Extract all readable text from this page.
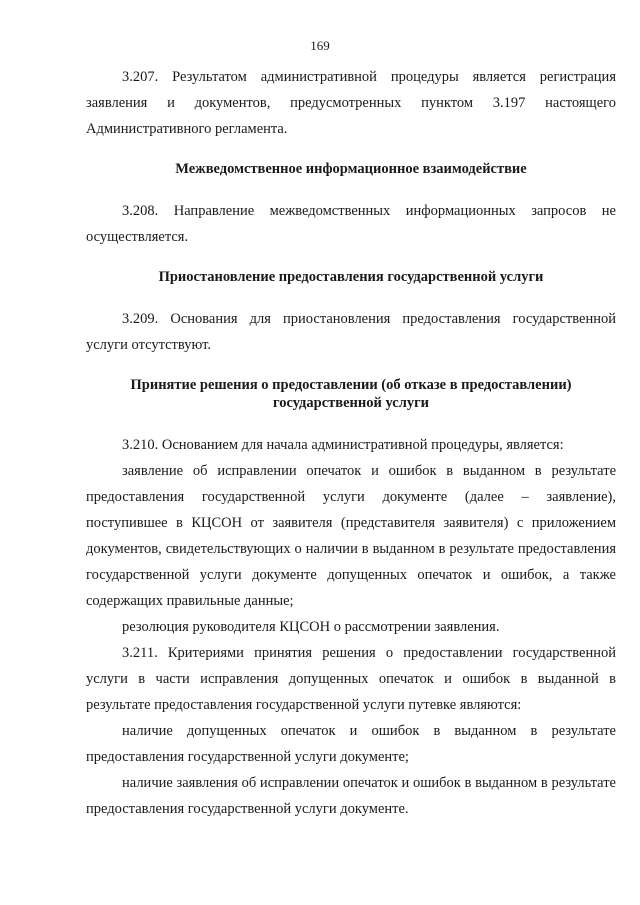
169

3.207. Результатом административной процедуры является регистрация заявления и документов, предусмотренных пунктом 3.197 настоящего Административного регламента.

Межведомственное информационное взаимодействие

3.208. Направление межведомственных информационных запросов не осуществляется.

Приостановление предоставления государственной услуги

3.209. Основания для приостановления предоставления государственной услуги отсутствуют.

Принятие решения о предоставлении (об отказе в предоставлении) государственной услуги

3.210. Основанием для начала административной процедуры, является:

заявление об исправлении опечаток и ошибок в выданном в результате предоставления государственной услуги документе (далее – заявление), поступившее в КЦСОН от заявителя (представителя заявителя) с приложением документов, свидетельствующих о наличии в выданном в результате предоставления государственной услуги документе допущенных опечаток и ошибок, а также содержащих правильные данные;

резолюция руководителя КЦСОН о рассмотрении заявления.

3.211. Критериями принятия решения о предоставлении государственной услуги в части исправления допущенных опечаток и ошибок в выданной в результате предоставления государственной услуги путевке являются:

наличие допущенных опечаток и ошибок в выданном в результате предоставления государственной услуги документе;

наличие заявления об исправлении опечаток и ошибок в выданном в результате предоставления государственной услуги документе.
